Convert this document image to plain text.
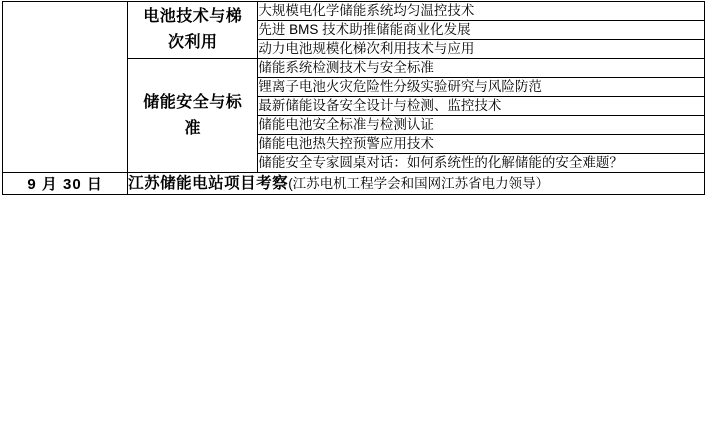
	电池技术与梯
次利用	大规模电化学储能系统均匀温控技术
		先进 BMS 技术助推储能商业化发展
		动力电池规模化梯次利用技术与应用

	储能安全与标
准	储能系统检测技术与安全标准
		锂离子电池火灾危险性分级实验研究与风险防范
		最新储能设备安全设计与检测、监控技术
		储能电池安全标准与检测认证
		储能电池热失控预警应用技术
		储能安全专家圆桌对话：如何系统性的化解储能的安全难题？
9 月 30 日	江苏储能电站项目考察(江苏电机工程学会和国网江苏省电力领导）	
